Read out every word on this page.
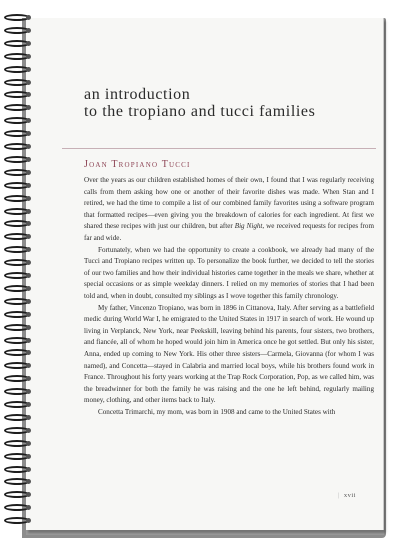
an introduction
to the tropiano and tucci families
Joan Tropiano Tucci

Over the years as our children established homes of their own, I found that I was regularly receiving calls from them asking how one or another of their favorite dishes was made. When Stan and I retired, we had the time to compile a list of our combined family favorites using a software program that formatted recipes—even giving you the breakdown of calories for each ingredient. At first we shared these recipes with just our children, but after Big Night, we received requests for recipes from far and wide.

Fortunately, when we had the opportunity to create a cookbook, we already had many of the Tucci and Tropiano recipes written up. To personalize the book further, we decided to tell the stories of our two families and how their individual histories came together in the meals we share, whether at special occasions or as simple weekday dinners. I relied on my memories of stories that I had been told and, when in doubt, consulted my siblings as I wove together this family chronology.

My father, Vincenzo Tropiano, was born in 1896 in Cittanova, Italy. After serving as a battlefield medic during World War I, he emigrated to the United States in 1917 in search of work. He wound up living in Verplanck, New York, near Peekskill, leaving behind his parents, four sisters, two brothers, and fiancée, all of whom he hoped would join him in America once he got settled. But only his sister, Anna, ended up coming to New York. His other three sisters—Carmela, Giovanna (for whom I was named), and Concetta—stayed in Calabria and married local boys, while his brothers found work in France. Throughout his forty years working at the Trap Rock Corporation, Pop, as we called him, was the breadwinner for both the family he was raising and the one he left behind, regularly mailing money, clothing, and other items back to Italy.

Concetta Trimarchi, my mom, was born in 1908 and came to the United States with

| xvii
